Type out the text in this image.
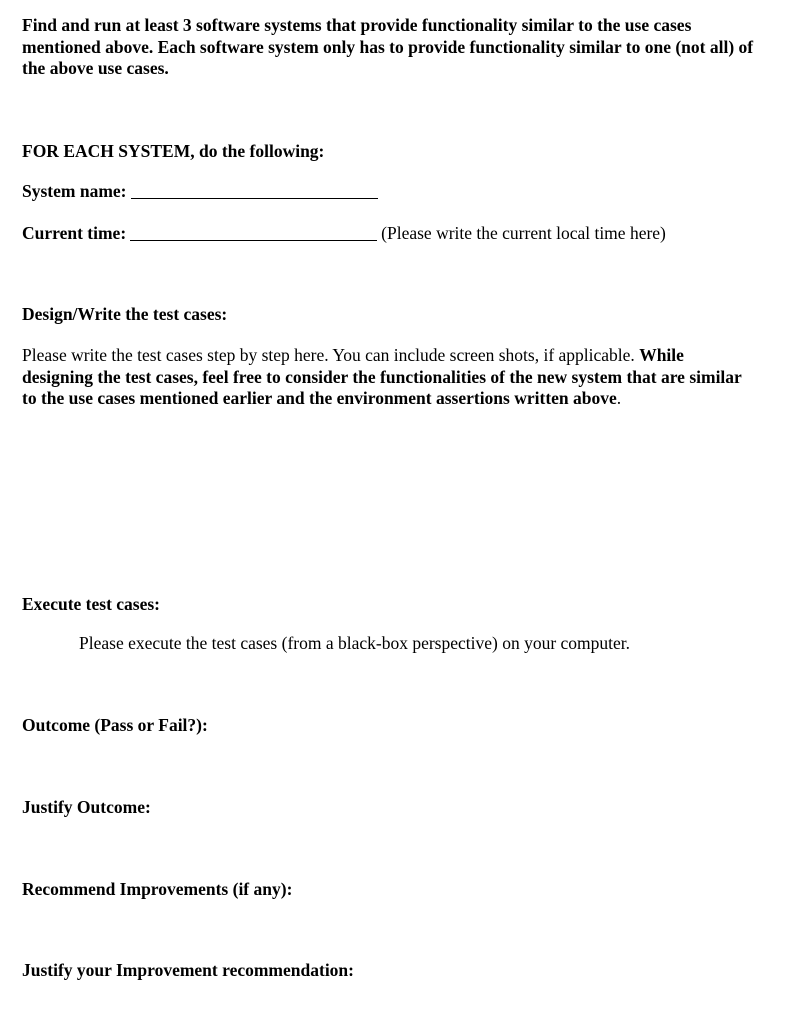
Find and run at least 3 software systems that provide functionality similar to the use cases mentioned above. Each software system only has to provide functionality similar to one (not all) of the above use cases.
FOR EACH SYSTEM, do the following:
System name:
Current time:	(Please write the current local time here)
Design/Write the test cases:
Please write the test cases step by step here. You can include screen shots, if applicable. While designing the test cases, feel free to consider the functionalities of the new system that are similar to the use cases mentioned earlier and the environment assertions written above.
Execute test cases:
Please execute the test cases (from a black-box perspective) on your computer.
Outcome (Pass or Fail?):
Justify Outcome:
Recommend Improvements (if any):
Justify your Improvement recommendation:
